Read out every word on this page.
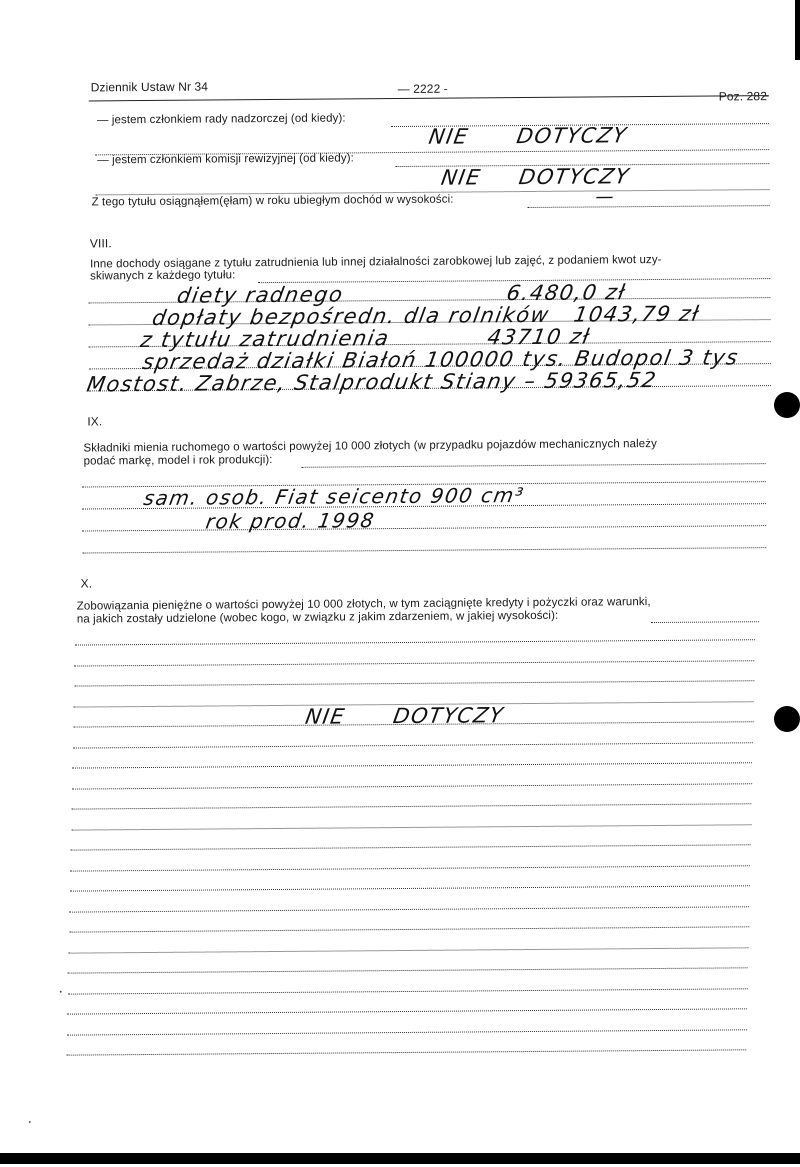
Dziennik Ustaw Nr 34	— 2222 -
Poz. 282
— jestem członkiem rady nadzorczej (od kiedy):
NIE DOTYCZY
— jestem członkiem komisji rewizyjnej (od kiedy):
NIE DOTYCZY
Z tego tytułu osiągnąłem(ęłam) w roku ubiegłym dochód w wysokości:	—
VIII.
Inne dochody osiągane z tytułu zatrudnienia lub innej działalności zarobkowej lub zajęć, z podaniem kwot uzy-
skiwanych z każdego tytułu:
diety radnego                    6.480,0 zł
dopłaty bezpośredn. dla rolników   1043,79 zł
z tytułu zatrudnienia            43710 zł
sprzedaż działki Białoń 100000 tys. Budopol 3 tys
Mostost. Zabrze, Stalprodukt Stiany – 59365,52
IX.
Składniki mienia ruchomego o wartości powyżej 10 000 złotych (w przypadku pojazdów mechanicznych należy
podać markę, model i rok produkcji):
sam. osob. Fiat seicento 900 cm³
rok prod. 1998
X.
Zobowiązania pieniężne o wartości powyżej 10 000 złotych, w tym zaciągnięte kredyty i pożyczki oraz warunki,
na jakich zostały udzielone (wobec kogo, w związku z jakim zdarzeniem, w jakiej wysokości):
NIE DOTYCZY
